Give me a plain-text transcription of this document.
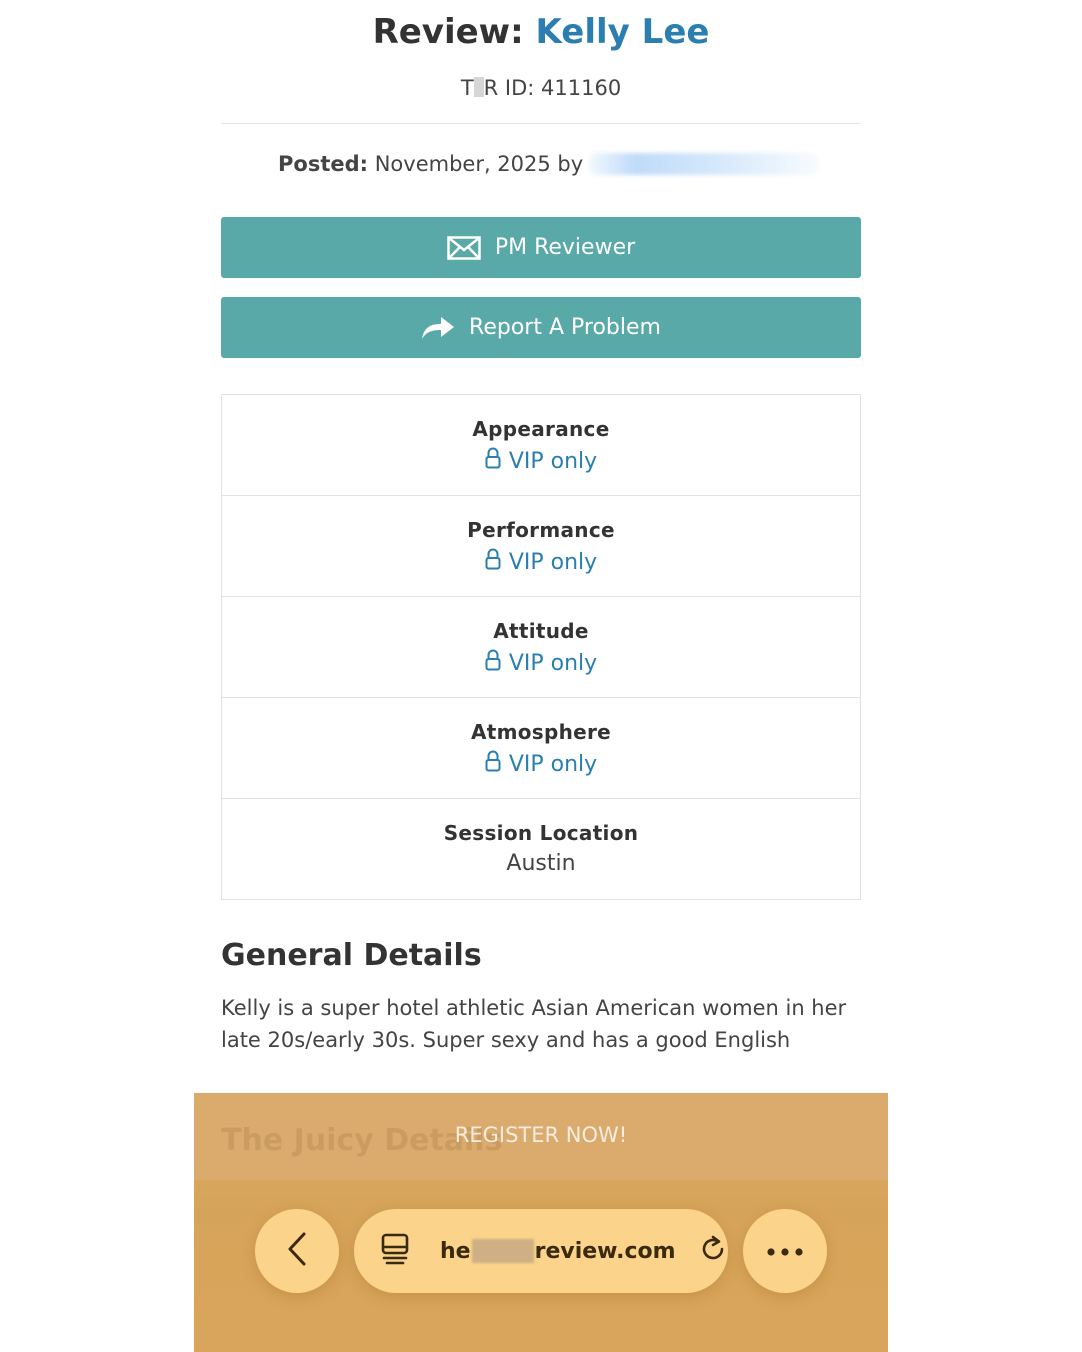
Review: Kelly Lee
T R ID: 411160
Posted: November, 2025 by
PM Reviewer
Report A Problem
Appearance
VIP only
Performance
VIP only
Attitude
VIP only
Atmosphere
VIP only
Session Location
Austin
General Details
Kelly is a super hotel athletic Asian American women in her late 20s/early 30s. Super sexy and has a good English
The Juicy Details
REGISTER NOW!
he	review.com
